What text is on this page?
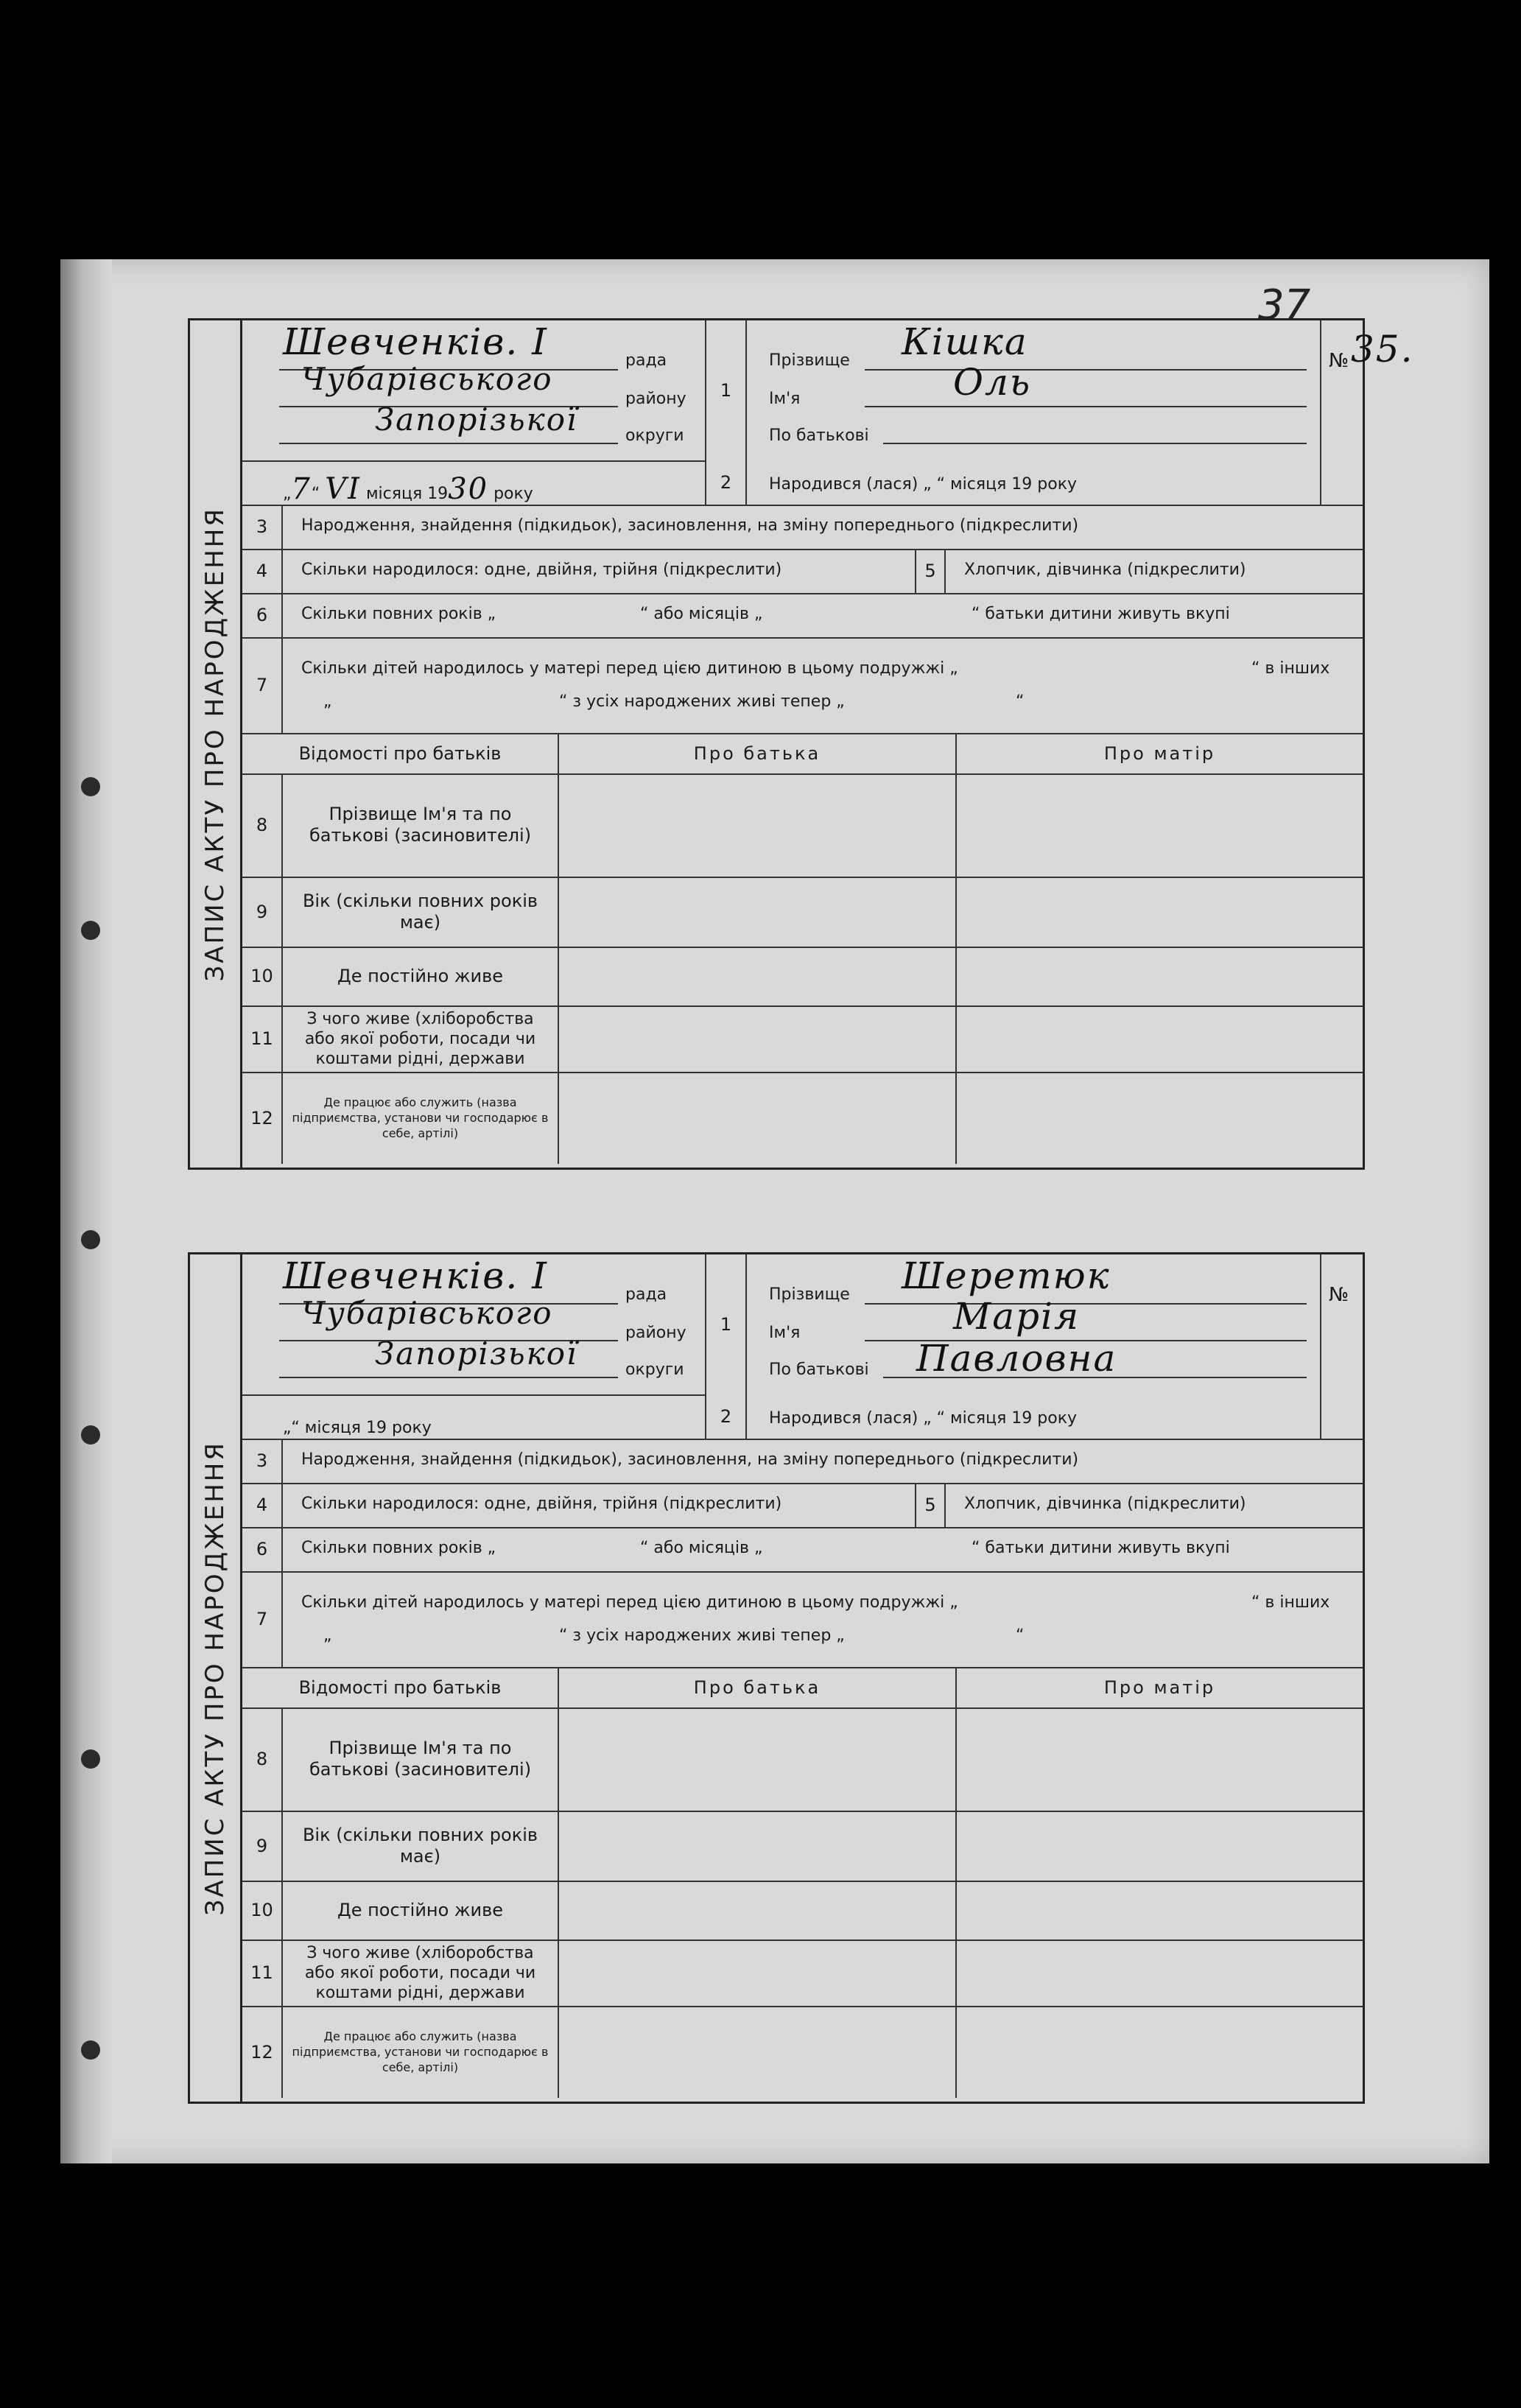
37
ЗАПИС АКТУ ПРО НАРОДЖЕННЯ
Шевченків. I	рада
Чубарівського
району
Запорізької	округи
„7“ VI місяця 1930 року
1
2
Прізвище Кішка
Ім'я	Оль
По батькові
Народився (лася) „ “ місяця 19 року
№ 35.
3	Народження, знайдення (підкидьок), засиновлення, на зміну попереднього (підкреслити)
4	Скільки народилося: одне, двійня, трійня (підкреслити)	5	Хлопчик, дівчинка (підкреслити)
6	Скільки повних років „	“ або місяців „	“ батьки дитини живуть вкупі
7
Скільки дітей народилось у матері перед цією дитиною в цьому подружжі „	“ в інших
„	“ з усіх народжених живі тепер „	“
Відомості про батьків	Про батька	Про матір
8
Прізвище Ім'я та по батькові (засиновителі)
9
Вік (скільки повних років має)
10	Де постійно живе
11
З чого живе (хліборобства або якої роботи, посади чи коштами рідні, держави
12
Де працює або служить (назва підприємства, установи чи господарює в себе, артілі)
ЗАПИС АКТУ ПРО НАРОДЖЕННЯ
Шевченків. I	рада
Чубарівського
району
Запорізької	округи
„“ місяця 19 року
1
2
Прізвище Шеретюк
Ім'я	Марія
По батькові Павловна
Народився (лася) „ “ місяця 19 року
№
3	Народження, знайдення (підкидьок), засиновлення, на зміну попереднього (підкреслити)
4	Скільки народилося: одне, двійня, трійня (підкреслити)	5	Хлопчик, дівчинка (підкреслити)
6	Скільки повних років „	“ або місяців „	“ батьки дитини живуть вкупі
7
Скільки дітей народилось у матері перед цією дитиною в цьому подружжі „	“ в інших
„	“ з усіх народжених живі тепер „	“
Відомості про батьків	Про батька	Про матір
8
Прізвище Ім'я та по батькові (засиновителі)
9
Вік (скільки повних років має)
10	Де постійно живе
11
З чого живе (хліборобства або якої роботи, посади чи коштами рідні, держави
12
Де працює або служить (назва підприємства, установи чи господарює в себе, артілі)
